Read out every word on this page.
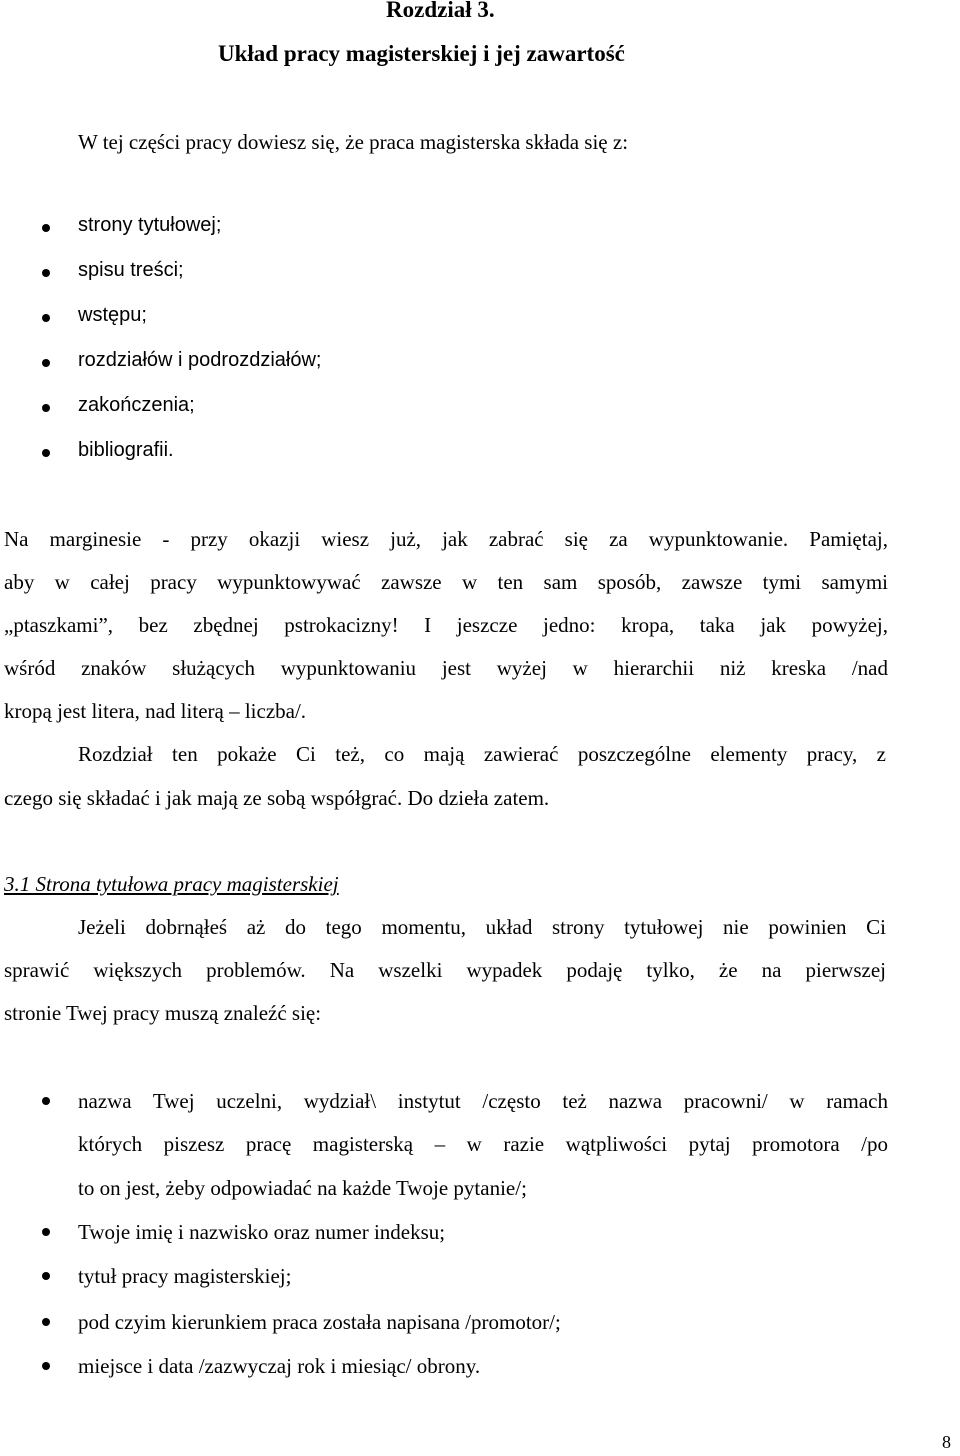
Rozdział 3.
Układ pracy magisterskiej i jej zawartość
W tej części pracy dowiesz się, że praca magisterska składa się z:
strony tytułowej;
spisu treści;
wstępu;
rozdziałów i podrozdziałów;
zakończenia;
bibliografii.
Na marginesie - przy okazji wiesz już, jak zabrać się za wypunktowanie. Pamiętaj,
aby w całej pracy wypunktowywać zawsze w ten sam sposób, zawsze tymi samymi
„ptaszkami”, bez zbędnej pstrokacizny! I jeszcze jedno: kropa, taka jak powyżej,
wśród znaków służących wypunktowaniu jest wyżej w hierarchii niż kreska /nad
kropą jest litera, nad literą – liczba/.
Rozdział ten pokaże Ci też, co mają zawierać poszczególne elementy pracy, z
czego się składać i jak mają ze sobą współgrać. Do dzieła zatem.
3.1 Strona tytułowa pracy magisterskiej
Jeżeli dobrnąłeś aż do tego momentu, układ strony tytułowej nie powinien Ci
sprawić większych problemów. Na wszelki wypadek podaję tylko, że na pierwszej
stronie Twej pracy muszą znaleźć się:
nazwa Twej uczelni, wydział\ instytut /często też nazwa pracowni/ w ramach
których piszesz pracę magisterską – w razie wątpliwości pytaj promotora /po
to on jest, żeby odpowiadać na każde Twoje pytanie/;
Twoje imię i nazwisko oraz numer indeksu;
tytuł pracy magisterskiej;
pod czyim kierunkiem praca została napisana /promotor/;
miejsce i data /zazwyczaj rok i miesiąc/ obrony.
8
